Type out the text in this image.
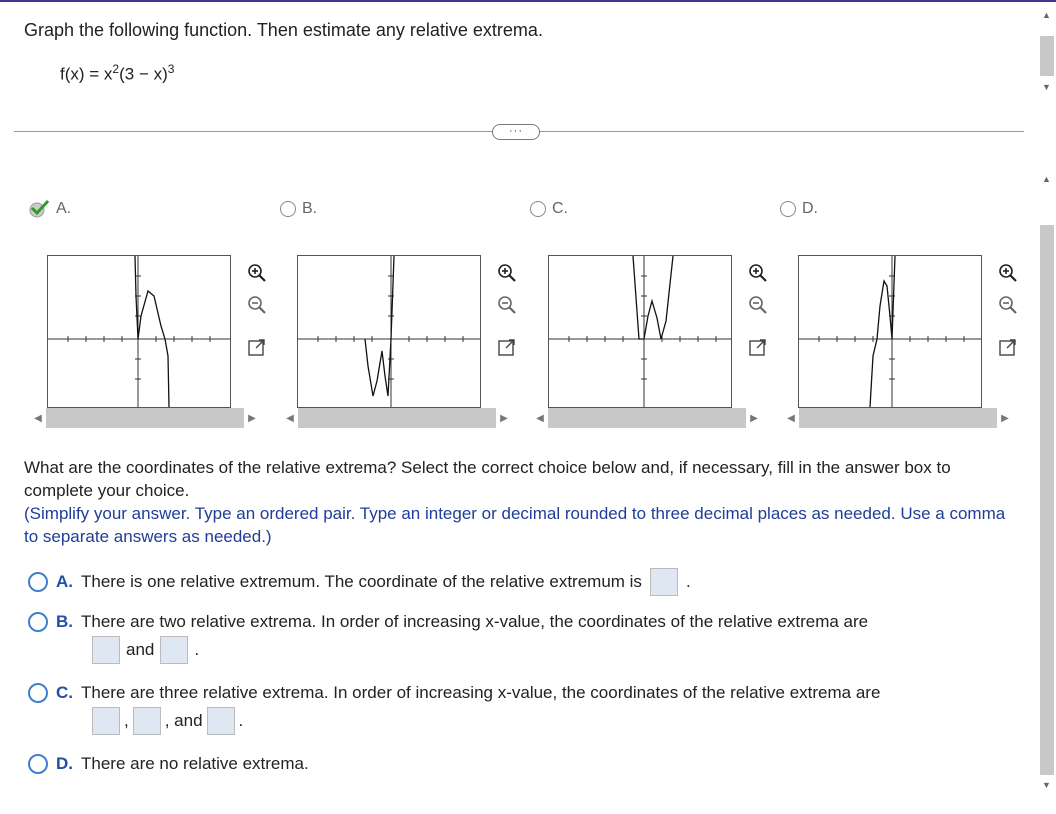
Graph the following function. Then estimate any relative extrema.
$f(x) = x^2(3 - x)^3$
···
A.	B.	C.	D.
◀	▶	◀	▶	◀	▶	◀	▶
What are the coordinates of the relative extrema? Select the correct choice below and, if necessary, fill in the answer box to complete your choice.
(Simplify your answer. Type an ordered pair. Type an integer or decimal rounded to three decimal places as needed. Use a comma to separate answers as needed.)
A. There is one relative extremum. The coordinate of the relative extremum is	.
B. There are two relative extrema. In order of increasing x-value, the coordinates of the relative extrema are
and .
C. There are three relative extrema. In order of increasing x-value, the coordinates of the relative extrema are
, , and .
D. There are no relative extrema.
▲
▼
▲
▼
